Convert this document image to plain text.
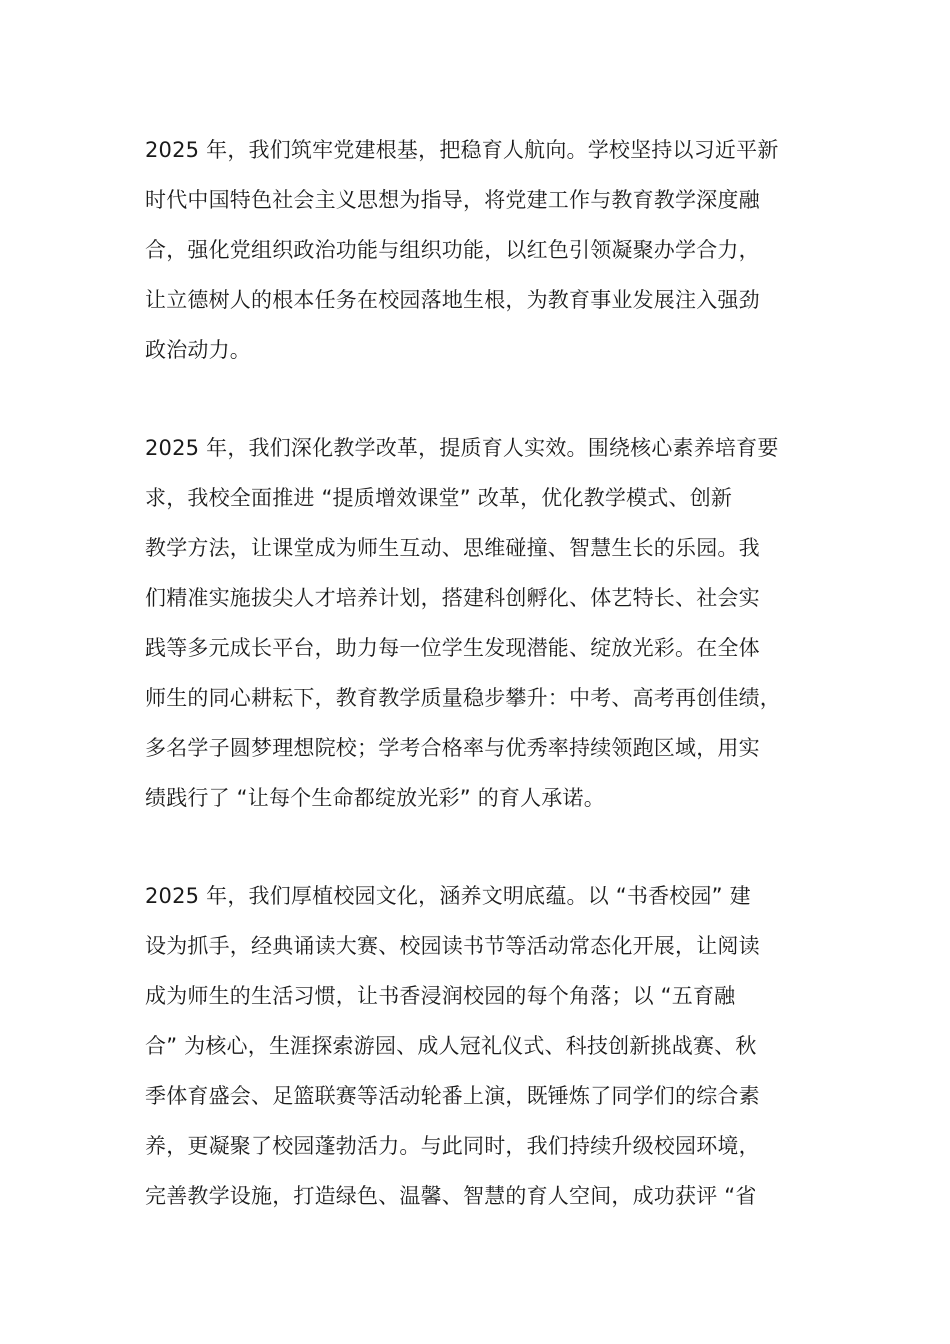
2025 年，我们筑牢党建根基，把稳育人航向。学校坚持以习近平新
时代中国特色社会主义思想为指导，将党建工作与教育教学深度融
合，强化党组织政治功能与组织功能，以红色引领凝聚办学合力，
让立德树人的根本任务在校园落地生根，为教育事业发展注入强劲
政治动力。
2025 年，我们深化教学改革，提质育人实效。围绕核心素养培育要
求，我校全面推进 “提质增效课堂” 改革，优化教学模式、创新
教学方法，让课堂成为师生互动、思维碰撞、智慧生长的乐园。我
们精准实施拔尖人才培养计划，搭建科创孵化、体艺特长、社会实
践等多元成长平台，助力每一位学生发现潜能、绽放光彩。在全体
师生的同心耕耘下，教育教学质量稳步攀升：中考、高考再创佳绩，
多名学子圆梦理想院校；学考合格率与优秀率持续领跑区域，用实
绩践行了 “让每个生命都绽放光彩” 的育人承诺。
2025 年，我们厚植校园文化，涵养文明底蕴。以 “书香校园” 建
设为抓手，经典诵读大赛、校园读书节等活动常态化开展，让阅读
成为师生的生活习惯，让书香浸润校园的每个角落；以 “五育融
合” 为核心，生涯探索游园、成人冠礼仪式、科技创新挑战赛、秋
季体育盛会、足篮联赛等活动轮番上演，既锤炼了同学们的综合素
养，更凝聚了校园蓬勃活力。与此同时，我们持续升级校园环境，
完善教学设施，打造绿色、温馨、智慧的育人空间，成功获评 “省
